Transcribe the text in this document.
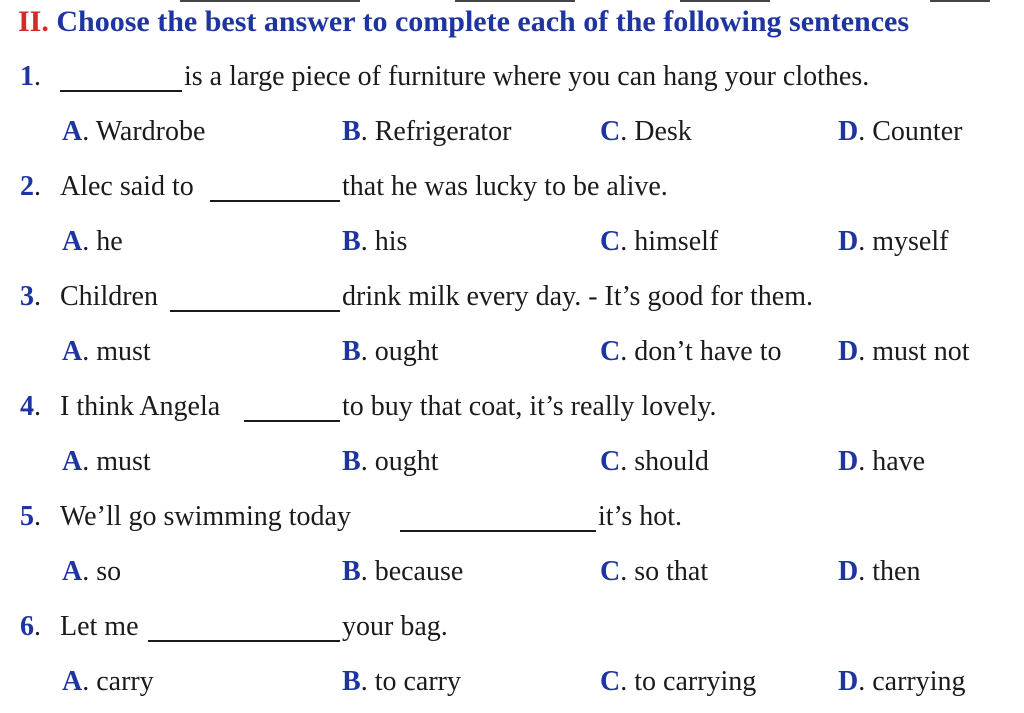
II. Choose the best answer to complete each of the following sentences
1.	is a large piece of furniture where you can hang your clothes.
A. Wardrobe	B. Refrigerator	C. Desk	D. Counter
2. Alec said to	that he was lucky to be alive.
A. he	B. his	C. himself	D. myself
3. Children	drink milk every day. - It’s good for them.
A. must	B. ought	C. don’t have to D. must not
4. I think Angela	to buy that coat, it’s really lovely.
A. must	B. ought	C. should	D. have
5. We’ll go swimming today	it’s hot.
A. so	B. because	C. so that	D. then
6. Let me	your bag.
A. carry	B. to carry	C. to carrying	D. carrying
